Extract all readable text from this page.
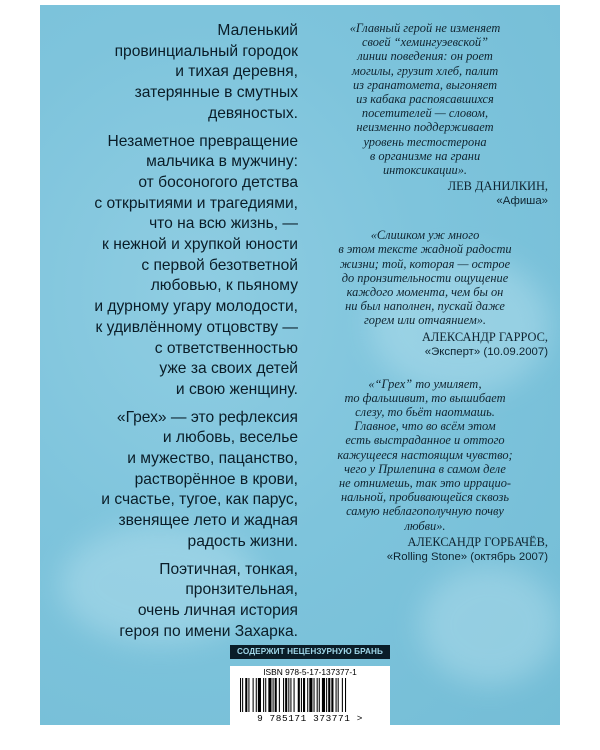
Маленький
провинциальный городок
и тихая деревня,
затерянные в смутных
девяностых.

Незаметное превращение
мальчика в мужчину:
от босоногого детства
с открытиями и трагедиями,
что на всю жизнь, —
к нежной и хрупкой юности
с первой безответной
любовью, к пьяному
и дурному угару молодости,
к удивлённому отцовству —
с ответственностью
уже за своих детей
и свою женщину.

«Грех» — это рефлексия
и любовь, веселье
и мужество, пацанство,
растворённое в крови,
и счастье, тугое, как парус,
звенящее лето и жадная
радость жизни.

Поэтичная, тонкая,
пронзительная,
очень личная история
героя по имени Захарка.

«Главный герой не изменяет
своей “хемингуэевской”
линии поведения: он роет
могилы, грузит хлеб, палит
из гранатомета, выгоняет
из кабака распоясавшихся
посетителей — словом,
неизменно поддерживает
уровень тестостерона
в организме на грани
интоксикации».

ЛЕВ ДАНИЛКИН,
«Афиша»

«Слишком уж много
в этом тексте жадной радости
жизни; той, которая — острое
до пронзительности ощущение
каждого момента, чем бы он
ни был наполнен, пускай даже
горем или отчаянием».

АЛЕКСАНДР ГАРРОС,
«Эксперт» (10.09.2007)

«“Грех” то умиляет,
то фальшивит, то вышибает
слезу, то бьёт наотмашь.
Главное, что во всём этом
есть выстраданное и оттого
кажущееся настоящим чувство;
чего у Прилепина в самом деле
не отнимешь, так это иррацио-
нальной, пробивающейся сквозь
самую неблагополучную почву
любви».

АЛЕКСАНДР ГОРБАЧЁВ,
«Rolling Stone» (октябрь 2007)

СОДЕРЖИТ НЕЦЕНЗУРНУЮ БРАНЬ
ISBN 978-5-17-137377-1
9 785171 373771 >
